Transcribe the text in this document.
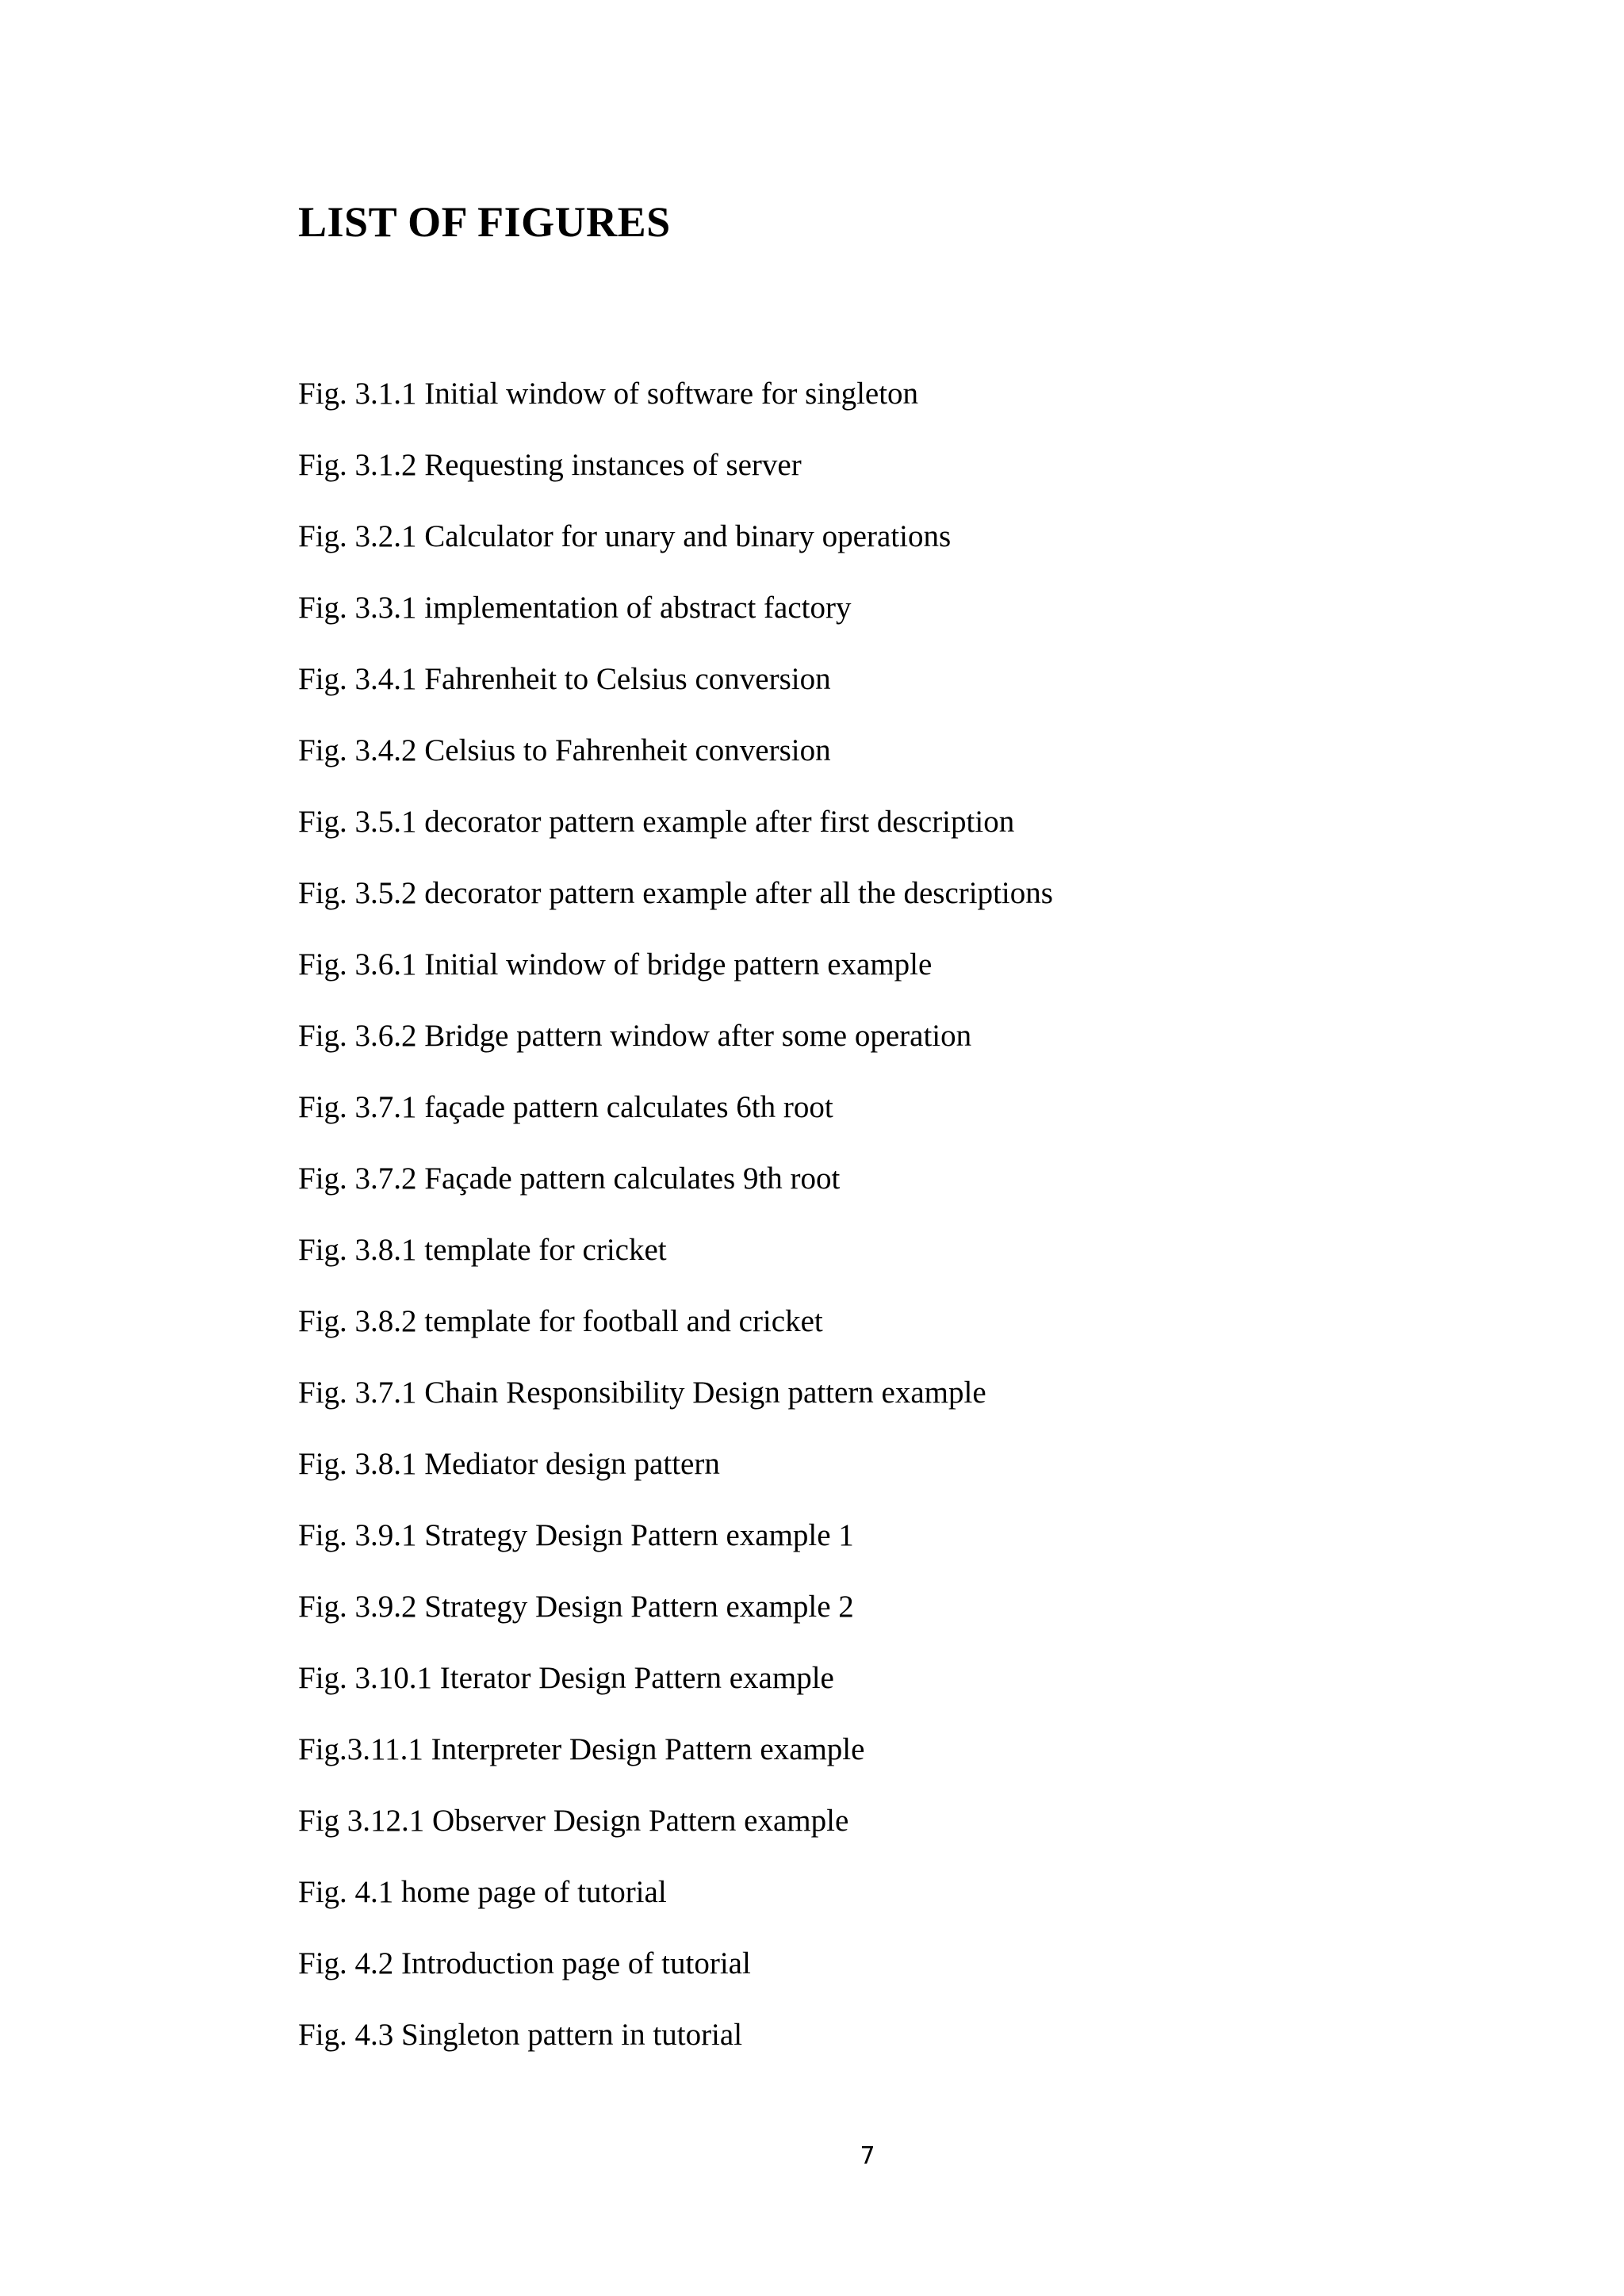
LIST OF FIGURES
Fig. 3.1.1 Initial window of software for singleton
Fig. 3.1.2 Requesting instances of server
Fig. 3.2.1 Calculator for unary and binary operations
Fig. 3.3.1 implementation of abstract factory
Fig. 3.4.1 Fahrenheit to Celsius conversion
Fig. 3.4.2 Celsius to Fahrenheit conversion
Fig. 3.5.1 decorator pattern example after first description
Fig. 3.5.2 decorator pattern example after all the descriptions
Fig. 3.6.1 Initial window of bridge pattern example
Fig. 3.6.2 Bridge pattern window after some operation
Fig. 3.7.1 façade pattern calculates 6th root
Fig. 3.7.2 Façade pattern calculates 9th root
Fig. 3.8.1 template for cricket
Fig. 3.8.2 template for football and cricket
Fig. 3.7.1 Chain Responsibility Design pattern example
Fig. 3.8.1 Mediator design pattern
Fig. 3.9.1 Strategy Design Pattern example 1
Fig. 3.9.2 Strategy Design Pattern example 2
Fig. 3.10.1 Iterator Design Pattern example
Fig.3.11.1 Interpreter Design Pattern example
Fig 3.12.1 Observer Design Pattern example
Fig. 4.1 home page of tutorial
Fig. 4.2 Introduction page of tutorial
Fig. 4.3 Singleton pattern in tutorial
7
